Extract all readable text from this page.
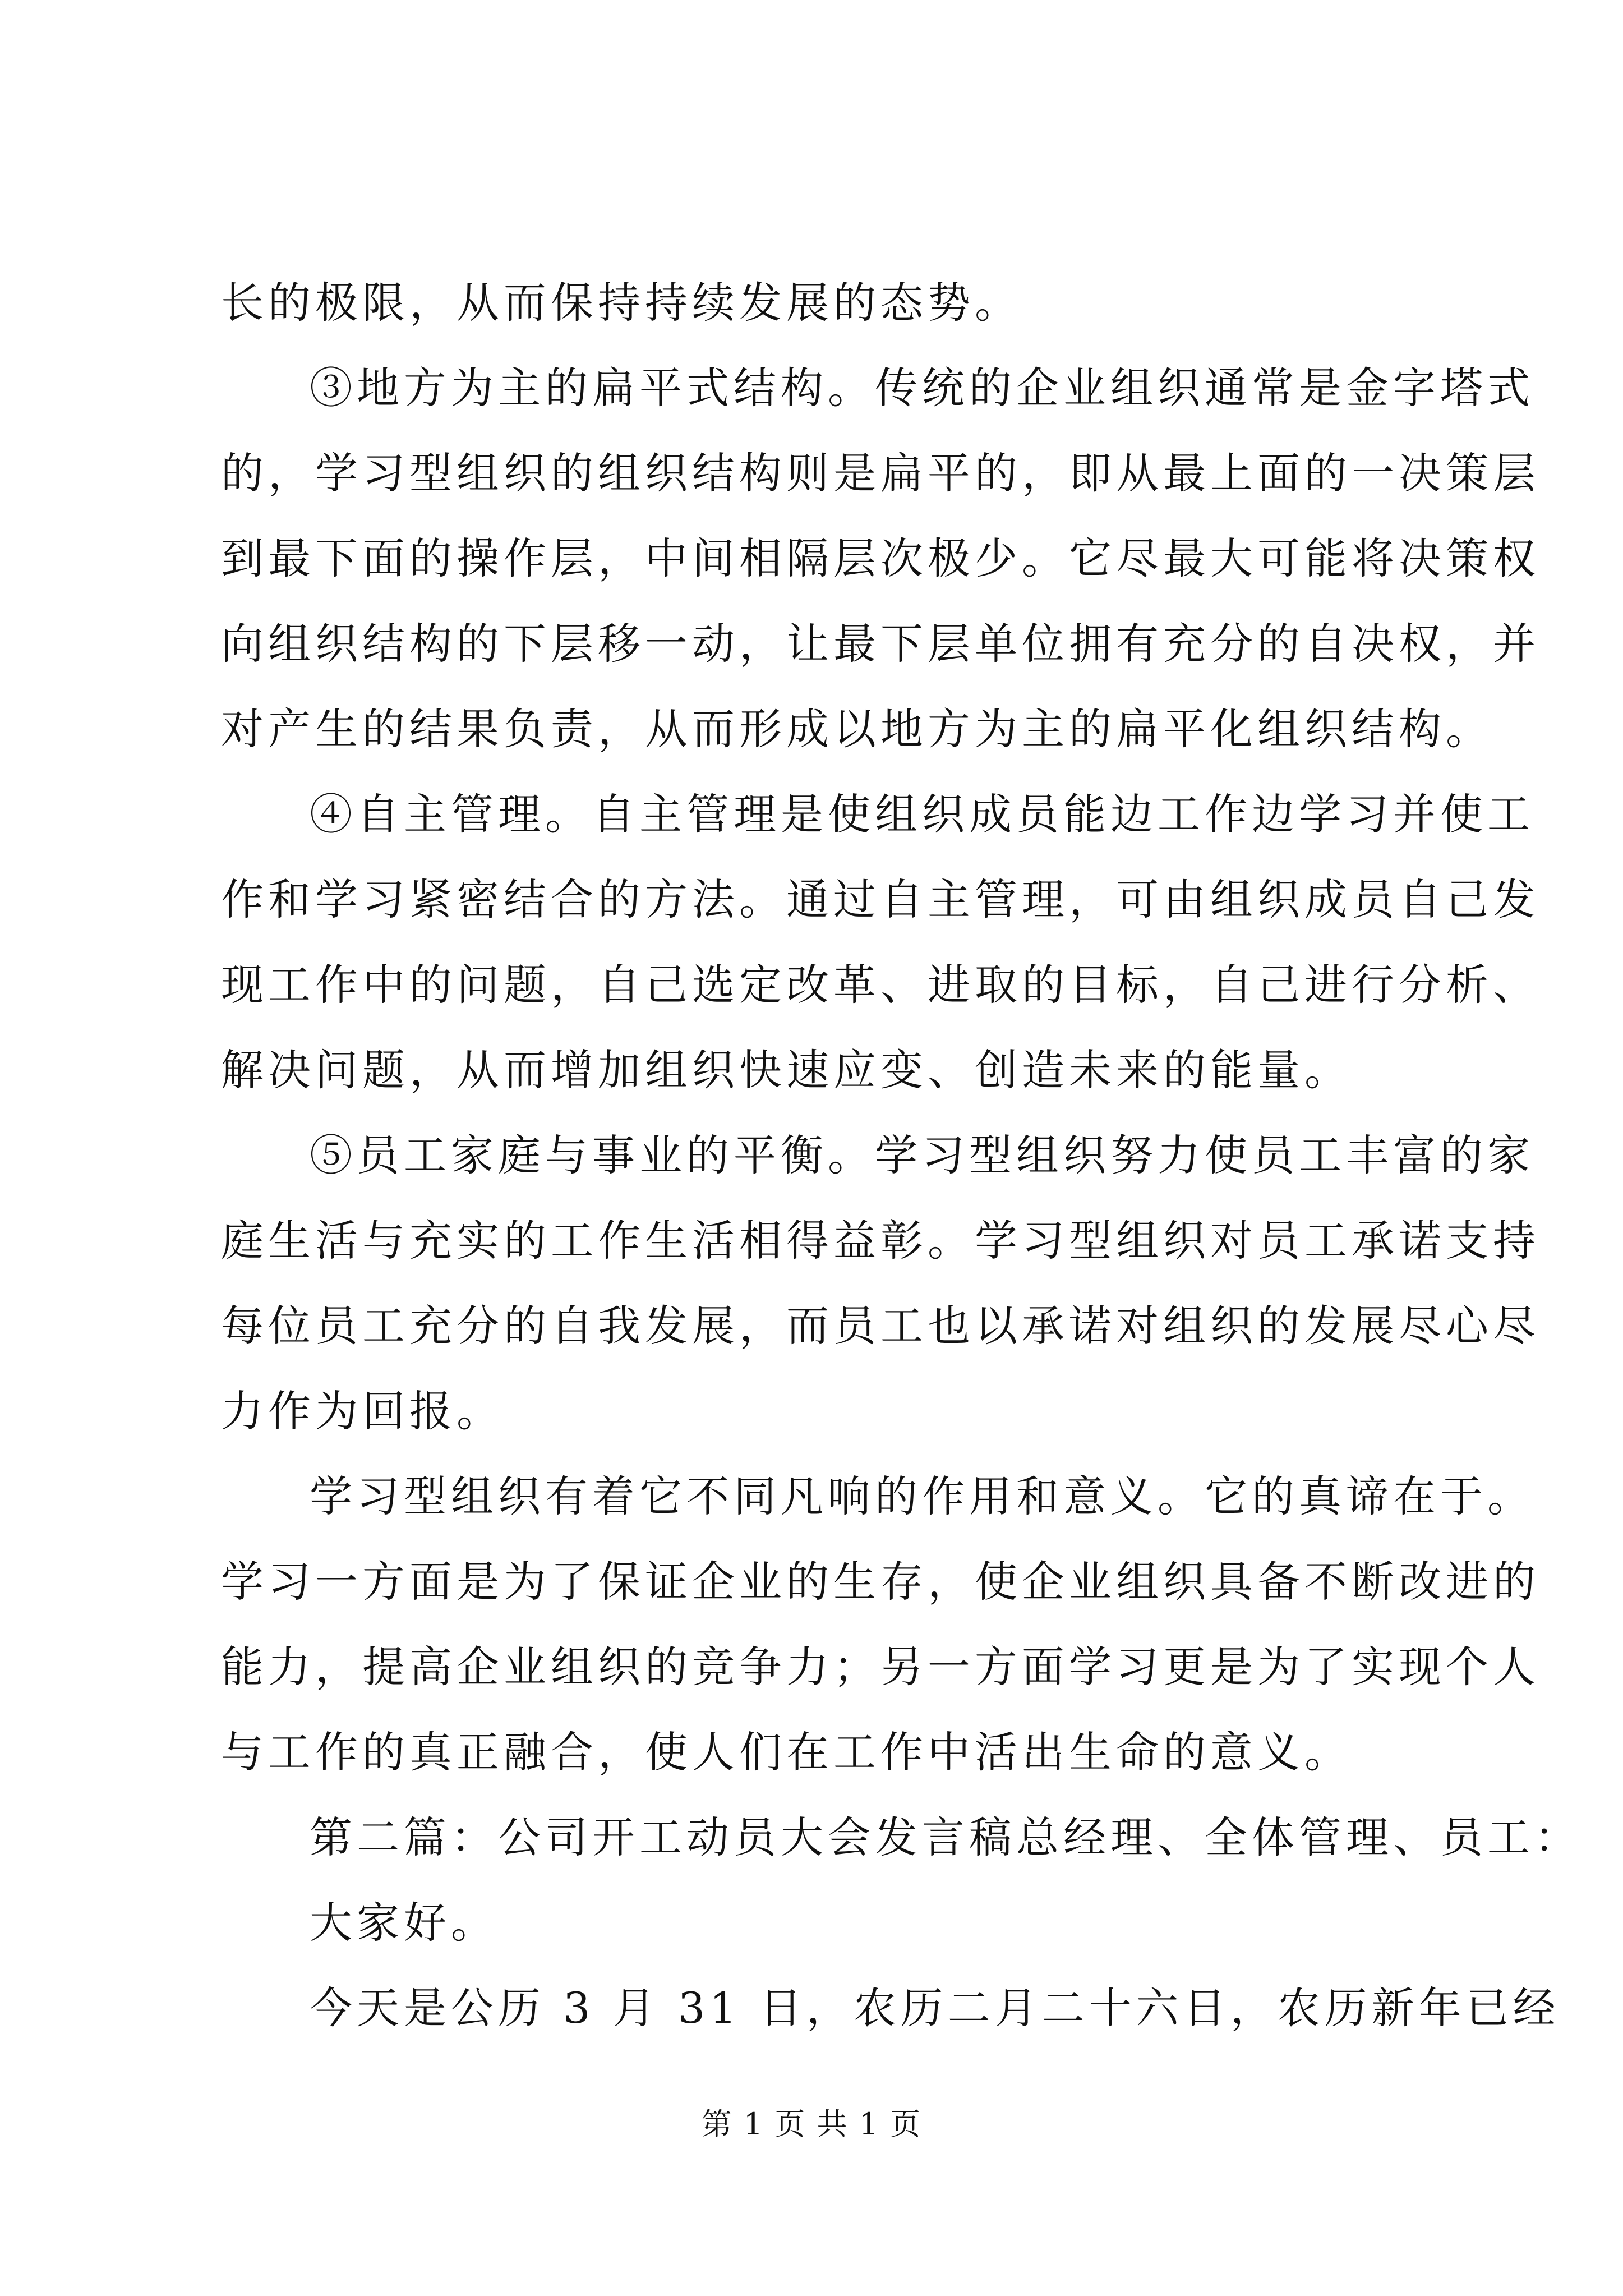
长的极限，从而保持持续发展的态势。
③地方为主的扁平式结构。传统的企业组织通常是金字塔式
的，学习型组织的组织结构则是扁平的，即从最上面的一决策层
到最下面的操作层，中间相隔层次极少。它尽最大可能将决策权
向组织结构的下层移一动，让最下层单位拥有充分的自决权，并
对产生的结果负责，从而形成以地方为主的扁平化组织结构。
④自主管理。自主管理是使组织成员能边工作边学习并使工
作和学习紧密结合的方法。通过自主管理，可由组织成员自己发
现工作中的问题，自己选定改革、进取的目标，自己进行分析、
解决问题，从而增加组织快速应变、创造未来的能量。
⑤员工家庭与事业的平衡。学习型组织努力使员工丰富的家
庭生活与充实的工作生活相得益彰。学习型组织对员工承诺支持
每位员工充分的自我发展，而员工也以承诺对组织的发展尽心尽
力作为回报。
学习型组织有着它不同凡响的作用和意义。它的真谛在于。
学习一方面是为了保证企业的生存，使企业组织具备不断改进的
能力，提高企业组织的竞争力；另一方面学习更是为了实现个人
与工作的真正融合，使人们在工作中活出生命的意义。
第二篇：公司开工动员大会发言稿总经理、全体管理、员工：
大家好。
今天是公历 3 月 31 日，农历二月二十六日，农历新年已经
第 1 页 共 1 页
